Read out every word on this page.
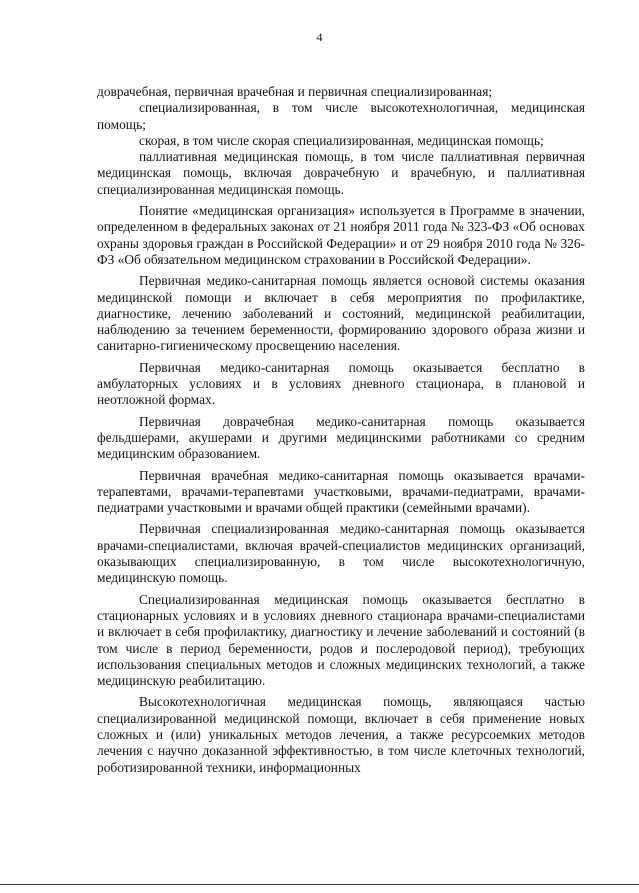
4

доврачебная, первичная врачебная и первичная специализированная;

специализированная, в том числе высокотехнологичная, медицинская помощь;

скорая, в том числе скорая специализированная, медицинская помощь;

паллиативная медицинская помощь, в том числе паллиативная первичная медицинская помощь, включая доврачебную и врачебную, и паллиативная специализированная медицинская помощь.

Понятие «медицинская организация» используется в Программе в значении, определенном в федеральных законах от 21 ноября 2011 года № 323-ФЗ «Об основах охраны здоровья граждан в Российской Федерации» и от 29 ноября 2010 года № 326-ФЗ «Об обязательном медицинском страховании в Российской Федерации».

Первичная медико-санитарная помощь является основой системы оказания медицинской помощи и включает в себя мероприятия по профилактике, диагностике, лечению заболеваний и состояний, медицинской реабилитации, наблюдению за течением беременности, формированию здорового образа жизни и санитарно-гигиеническому просвещению населения.

Первичная медико-санитарная помощь оказывается бесплатно в амбулаторных условиях и в условиях дневного стационара, в плановой и неотложной формах.

Первичная доврачебная медико-санитарная помощь оказывается фельдшерами, акушерами и другими медицинскими работниками со средним медицинским образованием.

Первичная врачебная медико-санитарная помощь оказывается врачами-терапевтами, врачами-терапевтами участковыми, врачами-педиатрами, врачами-педиатрами участковыми и врачами общей практики (семейными врачами).

Первичная специализированная медико-санитарная помощь оказывается врачами-специалистами, включая врачей-специалистов медицинских организаций, оказывающих специализированную, в том числе высокотехнологичную, медицинскую помощь.

Специализированная медицинская помощь оказывается бесплатно в стационарных условиях и в условиях дневного стационара врачами-специалистами и включает в себя профилактику, диагностику и лечение заболеваний и состояний (в том числе в период беременности, родов и послеродовой период), требующих использования специальных методов и сложных медицинских технологий, а также медицинскую реабилитацию.

Высокотехнологичная медицинская помощь, являющаяся частью специализированной медицинской помощи, включает в себя применение новых сложных и (или) уникальных методов лечения, а также ресурсоемких методов лечения с научно доказанной эффективностью, в том числе клеточных технологий, роботизированной техники, информационных
